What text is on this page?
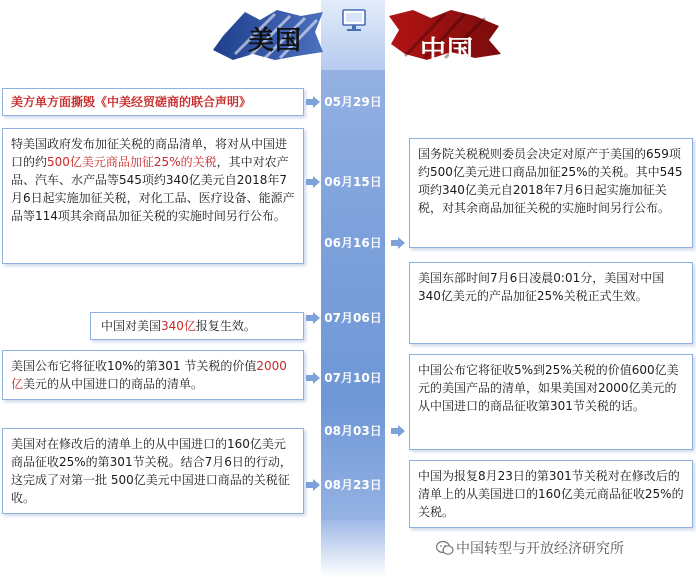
美国	中国
05月29日
06月15日
06月16日
07月06日
07月10日
08月03日
08月23日
美方单方面撕毁《中美经贸磋商的联合声明》
特美国政府发布加征关税的商品清单，将对从中国进口的约500亿美元商品加征25%的关税，其中对农产品、汽车、水产品等545项约340亿美元自2018年7月6日起实施加征关税，对化工品、医疗设备、能源产品等114项其余商品加征关税的实施时间另行公布。
中国对美国340亿报复生效。
美国公布它将征收10%的第301 节关税的价值2000亿美元的从中国进口的商品的清单。
美国对在修改后的清单上的从中国进口的160亿美元商品征收25%的第301节关税。结合7月6日的行动，这完成了对第一批 500亿美元中国进口商品的关税征收。
国务院关税税则委员会决定对原产于美国的659项约500亿美元进口商品加征25%的关税。其中545项约340亿美元自2018年7月6日起实施加征关税，对其余商品加征关税的实施时间另行公布。
美国东部时间7月6日凌晨0:01分，美国对中国340亿美元的产品加征25%关税正式生效。
中国公布它将征收5%到25%关税的价值600亿美元的美国产品的清单，如果美国对2000亿美元的从中国进口的商品征收第301节关税的话。
中国为报复8月23日的第301节关税对在修改后的清单上的从美国进口的160亿美元商品征收25%的关税。
中国转型与开放经济研究所
